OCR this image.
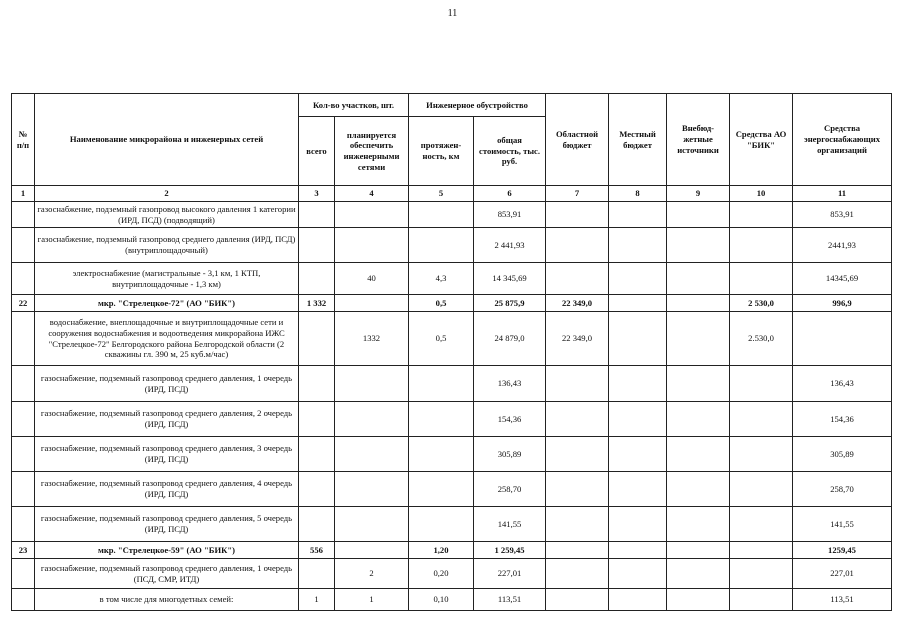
11
№ п/п	Наименование микрорайона и инженерных сетей	Кол-во участков, шт.		Инженерное обустройство		Областной бюджет	Местный бюджет	Внебюд-жетные источники	Средства АО "БИК"	Средства энергоснабжающих организаций
		всего	планируется обеспечить инженерными сетями	протяжен-ность, км	общая стоимость, тыс. руб.					
1	2	3	4	5	6	7	8	9	10	11
	газоснабжение, подземный газопровод высокого давления 1 категории (ИРД, ПСД) (подводящий)				853,91					853,91
	газоснабжение, подземный газопровод среднего давления (ИРД, ПСД) (внутриплощадочный)				2 441,93					2441,93
	электроснабжение (магистральные - 3,1 км, 1 КТП, внутриплощадочные - 1,3 км)		40	4,3	14 345,69					14345,69
22	мкр. "Стрелецкое-72" (АО "БИК")	1 332		0,5	25 875,9	22 349,0			2 530,0	996,9
	водоснабжение, внеплощадочные и внутриплощадочные сети и сооружения водоснабжения и водоотведения микрорайона ИЖС "Стрелецкое-72" Белгородского района Белгородской области (2 скважины гл. 390 м, 25 куб.м/час)		1332	0,5	24 879,0	22 349,0			2.530,0	
	газоснабжение, подземный газопровод среднего давления, 1 очередь (ИРД, ПСД)				136,43					136,43
	газоснабжение, подземный газопровод среднего давления, 2 очередь (ИРД, ПСД)				154,36					154,36
	газоснабжение, подземный газопровод среднего давления, 3 очередь (ИРД, ПСД)				305,89					305,89
	газоснабжение, подземный газопровод среднего давления, 4 очередь (ИРД, ПСД)				258,70					258,70
	газоснабжение, подземный газопровод среднего давления, 5 очередь (ИРД, ПСД)				141,55					141,55
23	мкр. "Стрелецкое-59" (АО "БИК")	556		1,20	1 259,45					1259,45
	газоснабжение, подземный газопровод среднего давления, 1 очередь (ПСД, СМР, ИТД)		2	0,20	227,01					227,01
	в том числе для многодетных семей:	1	1	0,10	113,51					113,51
